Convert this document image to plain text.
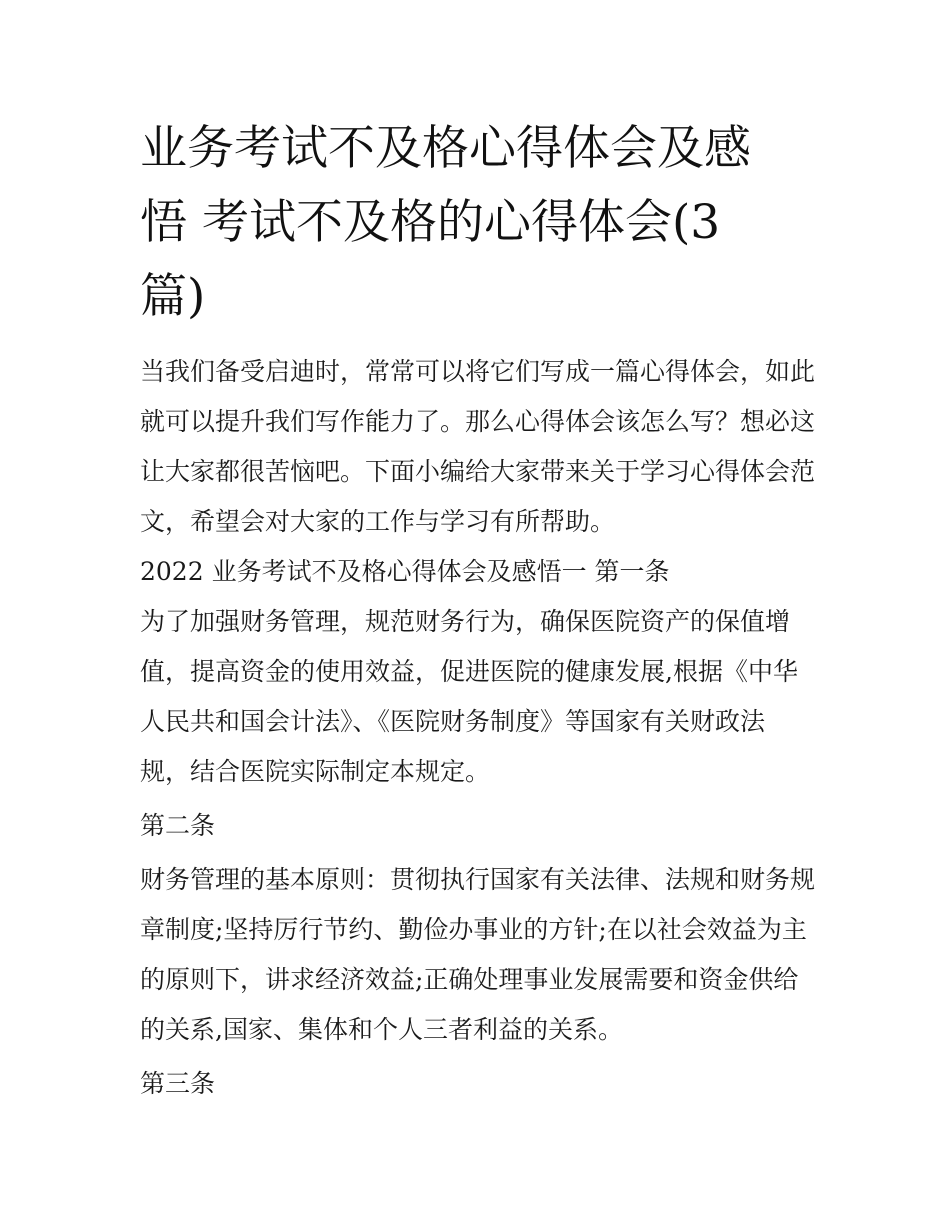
业务考试不及格心得体会及感
悟 考试不及格的心得体会(3
篇)

当我们备受启迪时，常常可以将它们写成一篇心得体会，如此
就可以提升我们写作能力了。那么心得体会该怎么写？想必这
让大家都很苦恼吧。下面小编给大家带来关于学习心得体会范
文，希望会对大家的工作与学习有所帮助。

2022 业务考试不及格心得体会及感悟一 第一条

为了加强财务管理，规范财务行为，确保医院资产的保值增
值，提高资金的使用效益，促进医院的健康发展,根据《中华
人民共和国会计法》、《医院财务制度》等国家有关财政法
规，结合医院实际制定本规定。

第二条

财务管理的基本原则：贯彻执行国家有关法律、法规和财务规
章制度;坚持厉行节约、勤俭办事业的方针;在以社会效益为主
的原则下，讲求经济效益;正确处理事业发展需要和资金供给
的关系,国家、集体和个人三者利益的关系。

第三条
